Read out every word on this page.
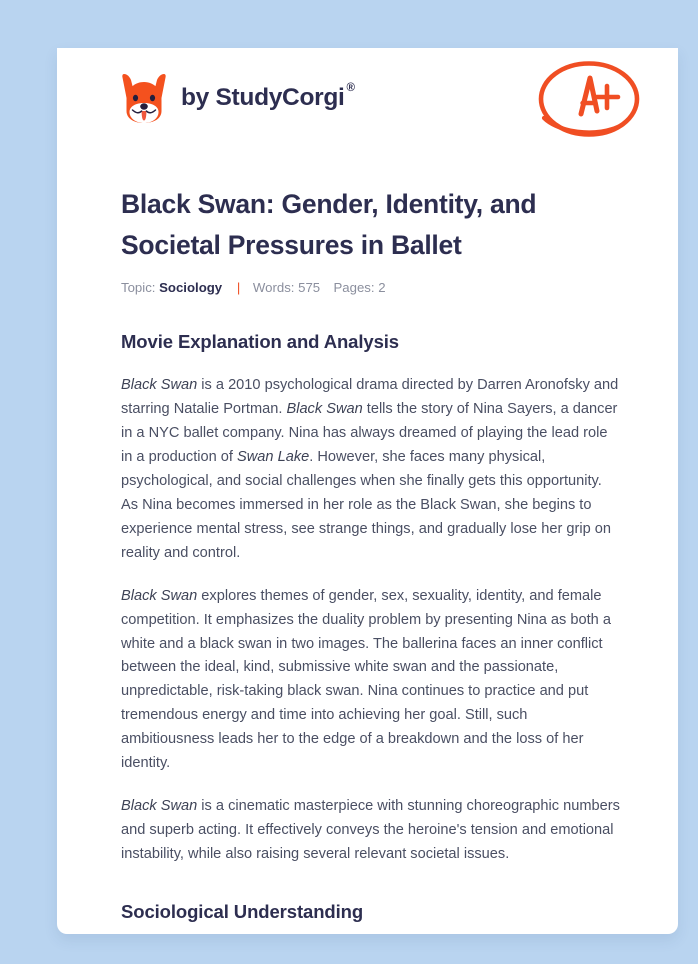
by StudyCorgi ®
Black Swan: Gender, Identity, and Societal Pressures in Ballet
Topic: Sociology | Words: 575 Pages: 2
Movie Explanation and Analysis

Black Swan is a 2010 psychological drama directed by Darren Aronofsky and starring Natalie Portman. Black Swan tells the story of Nina Sayers, a dancer in a NYC ballet company. Nina has always dreamed of playing the lead role in a production of Swan Lake. However, she faces many physical, psychological, and social challenges when she finally gets this opportunity. As Nina becomes immersed in her role as the Black Swan, she begins to experience mental stress, see strange things, and gradually lose her grip on reality and control.

Black Swan explores themes of gender, sex, sexuality, identity, and female competition. It emphasizes the duality problem by presenting Nina as both a white and a black swan in two images. The ballerina faces an inner conflict between the ideal, kind, submissive white swan and the passionate, unpredictable, risk-taking black swan. Nina continues to practice and put tremendous energy and time into achieving her goal. Still, such ambitiousness leads her to the edge of a breakdown and the loss of her identity.

Black Swan is a cinematic masterpiece with stunning choreographic numbers and superb acting. It effectively conveys the heroine's tension and emotional instability, while also raising several relevant societal issues.

Sociological Understanding
